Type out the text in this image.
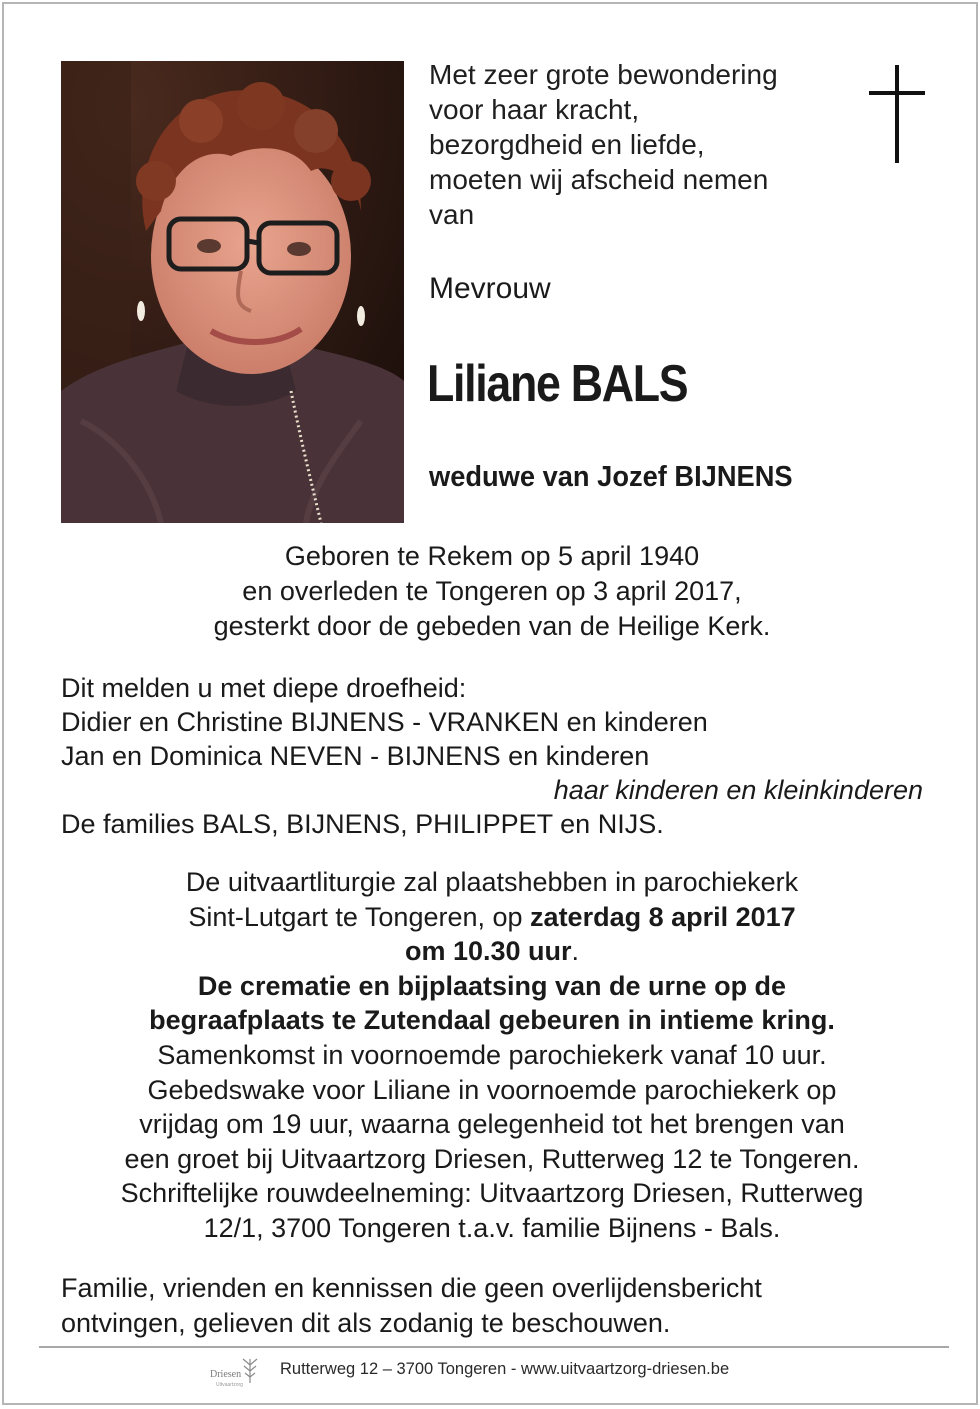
Met zeer grote bewondering
voor haar kracht,
bezorgdheid en liefde,
moeten wij afscheid nemen
van
Mevrouw
Liliane BALS
weduwe van Jozef BIJNENS
Geboren te Rekem op 5 april 1940
en overleden te Tongeren op 3 april 2017,
gesterkt door de gebeden van de Heilige Kerk.
Dit melden u met diepe droefheid:
Didier en Christine BIJNENS - VRANKEN en kinderen
Jan en Dominica NEVEN - BIJNENS en kinderen
haar kinderen en kleinkinderen
De families BALS, BIJNENS, PHILIPPET en NIJS.
De uitvaartliturgie zal plaatshebben in parochiekerk
Sint-Lutgart te Tongeren, op zaterdag 8 april 2017
om 10.30 uur.
De crematie en bijplaatsing van de urne op de
begraafplaats te Zutendaal gebeuren in intieme kring.
Samenkomst in voornoemde parochiekerk vanaf 10 uur.
Gebedswake voor Liliane in voornoemde parochiekerk op
vrijdag om 19 uur, waarna gelegenheid tot het brengen van
een groet bij Uitvaartzorg Driesen, Rutterweg 12 te Tongeren.
Schriftelijke rouwdeelneming: Uitvaartzorg Driesen, Rutterweg
12/1, 3700 Tongeren t.a.v. familie Bijnens - Bals.
Familie, vrienden en kennissen die geen overlijdensbericht
ontvingen, gelieven dit als zodanig te beschouwen.
Driesen
Uitvaartzorg
Rutterweg 12 – 3700 Tongeren - www.uitvaartzorg-driesen.be
